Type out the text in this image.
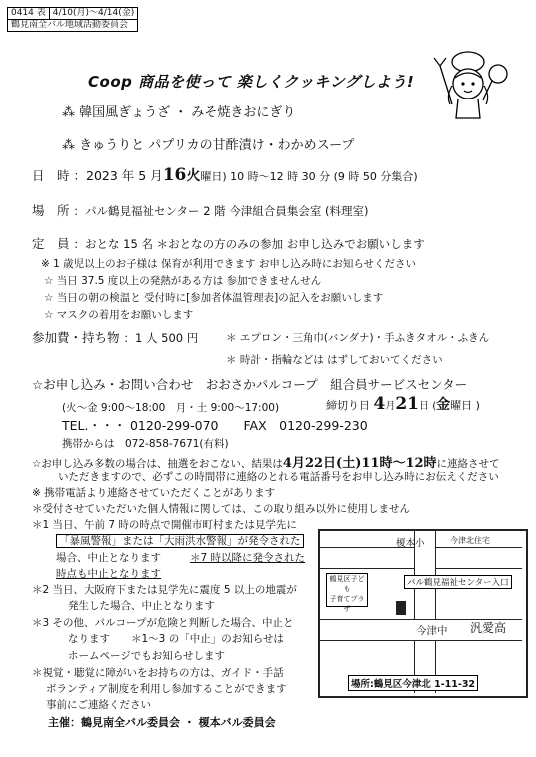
0414 表 4/10(月)～4/14(金)
鶴見南全バル地域活動委員会
Coop 商品を使って 楽しくクッキングしよう!
⁂ 韓国風ぎょうざ ・ みそ焼きおにぎり
⁂ きゅうりと パプリカの甘酢漬け・わかめスープ
日　時 ：2023 年 5 月16火曜日) 10 時～12 時 30 分 (9 時 50 分集合)
場　所 ：パル鶴見福祉センター 2 階 今津組合員集会室 (料理室)
定　員 ：おとな 15 名 ＊おとなの方のみの参加 お申し込みでお願いします
※ 1 歳児以上のお子様は 保育が利用できます お申し込み時にお知らせください
☆ 当日 37.5 度以上の発熱がある方は 参加できませんせん
☆ 当日の朝の検温と 受付時に[参加者体温管理表]の記入をお願いします
☆ マスクの着用をお願いします
参加費・持ち物 ：1 人 500 円	＊ エプロン・三角巾(バンダナ)・手ふきタオル・ふきん
＊ 時計・指輪などは はずしておいてください
☆お申し込み・お問い合わせ　おおさかパルコープ　組合員サービスセンター
(火～金 9:00～18:00　月・土 9:00～17:00)	締切り日 4月21日 (金曜日 )
TEL.・・・ 0120-299-070　　FAX　0120-299-230
携帯からは　072-858-7671(有料)
☆お申し込み多数の場合は、抽選をおこない、結果は4月22日(土)11時～12時に連絡させて
いただきますので、必ずこの時間帯に連絡のとれる電話番号をお申し込み時にお伝えください
※ 携帯電話より連絡させていただくことがあります
＊受付させていただいた個人情報に関しては、この取り組み以外に使用しません
＊1 当日、午前 7 時の時点で開催市町村または見学先に
「暴風警報」または「大雨洪水警報」が発令された
場合、中止となります	＊7 時以降に発令された
時点も中止となります
＊2 当日、大阪府下または見学先に震度 5 以上の地震が
発生した場合、中止となります
＊3 その他、パルコープが危険と判断した場合、中止と
なります　　＊1～3 の「中止」のお知らせは
ホームページでもお知らせします
＊視覚・聴覚に障がいをお持ちの方は、ガイド・手話
ボランティア制度を利用し参加することができます
事前にご連絡ください
主催：鶴見南全バル委員会 ・ 榎本バル委員会
榎本小	今津北住宅
鶴見区子ども
子育てプラザ
パル鶴見福祉センター入口
今津中 汎愛高
場所:鶴見区今津北 1-11-32
